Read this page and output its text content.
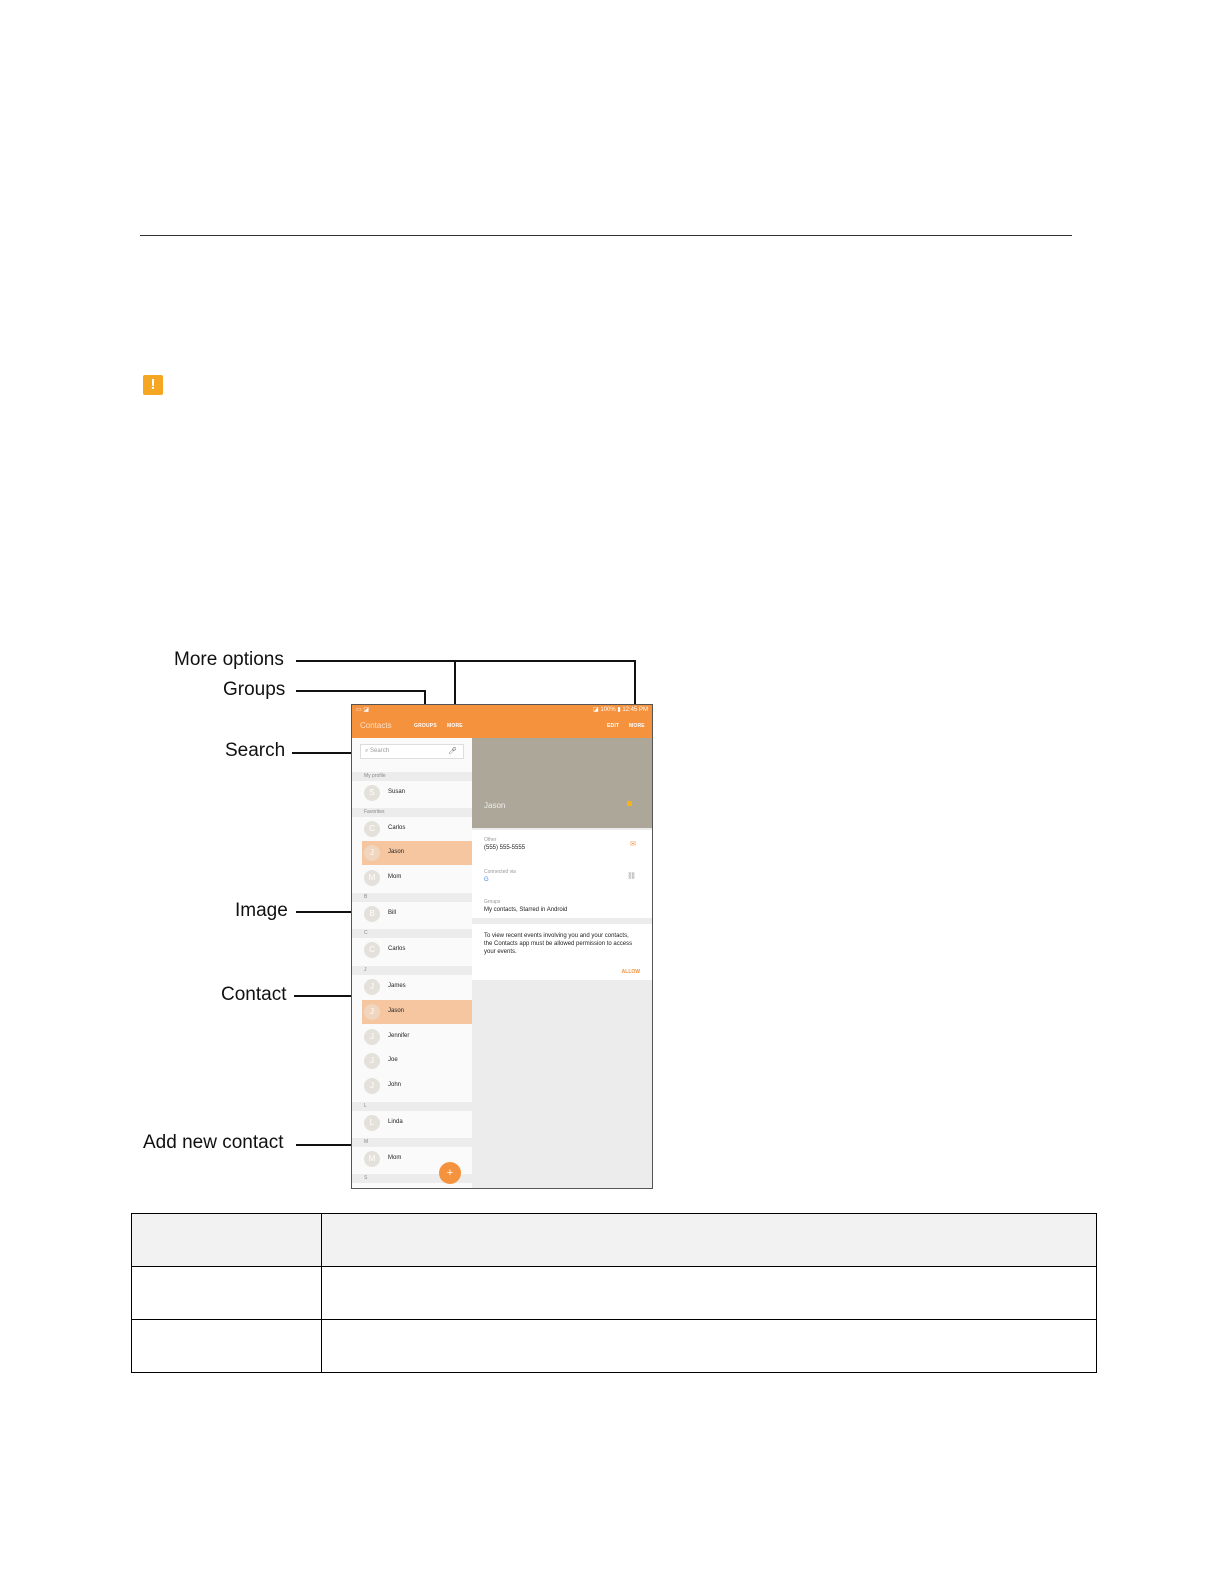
!
More options
Groups
Search
Image
Contact
Add new contact
▭ ◪	◪ 100% ▮ 12:45 PM
Contacts	GROUPS MORE	EDIT MORE
⌕ Search	🎤︎
My profile
S	Susan
Favorites
C	Carlos
J	Jason
M	Mom
B
B	Bill
C
C	Carlos
J
J	James
J	Jason
J	Jennifer
J	Joe
J	John
L
L	Linda
M
M	Mom
S	+
Jason
Other
(555) 555-5555	✉
Connected via
G	⛓
Groups
My contacts, Starred in Android
To view recent events involving you and your contacts, the Contacts app must be allowed permission to access your events.
ALLOW
